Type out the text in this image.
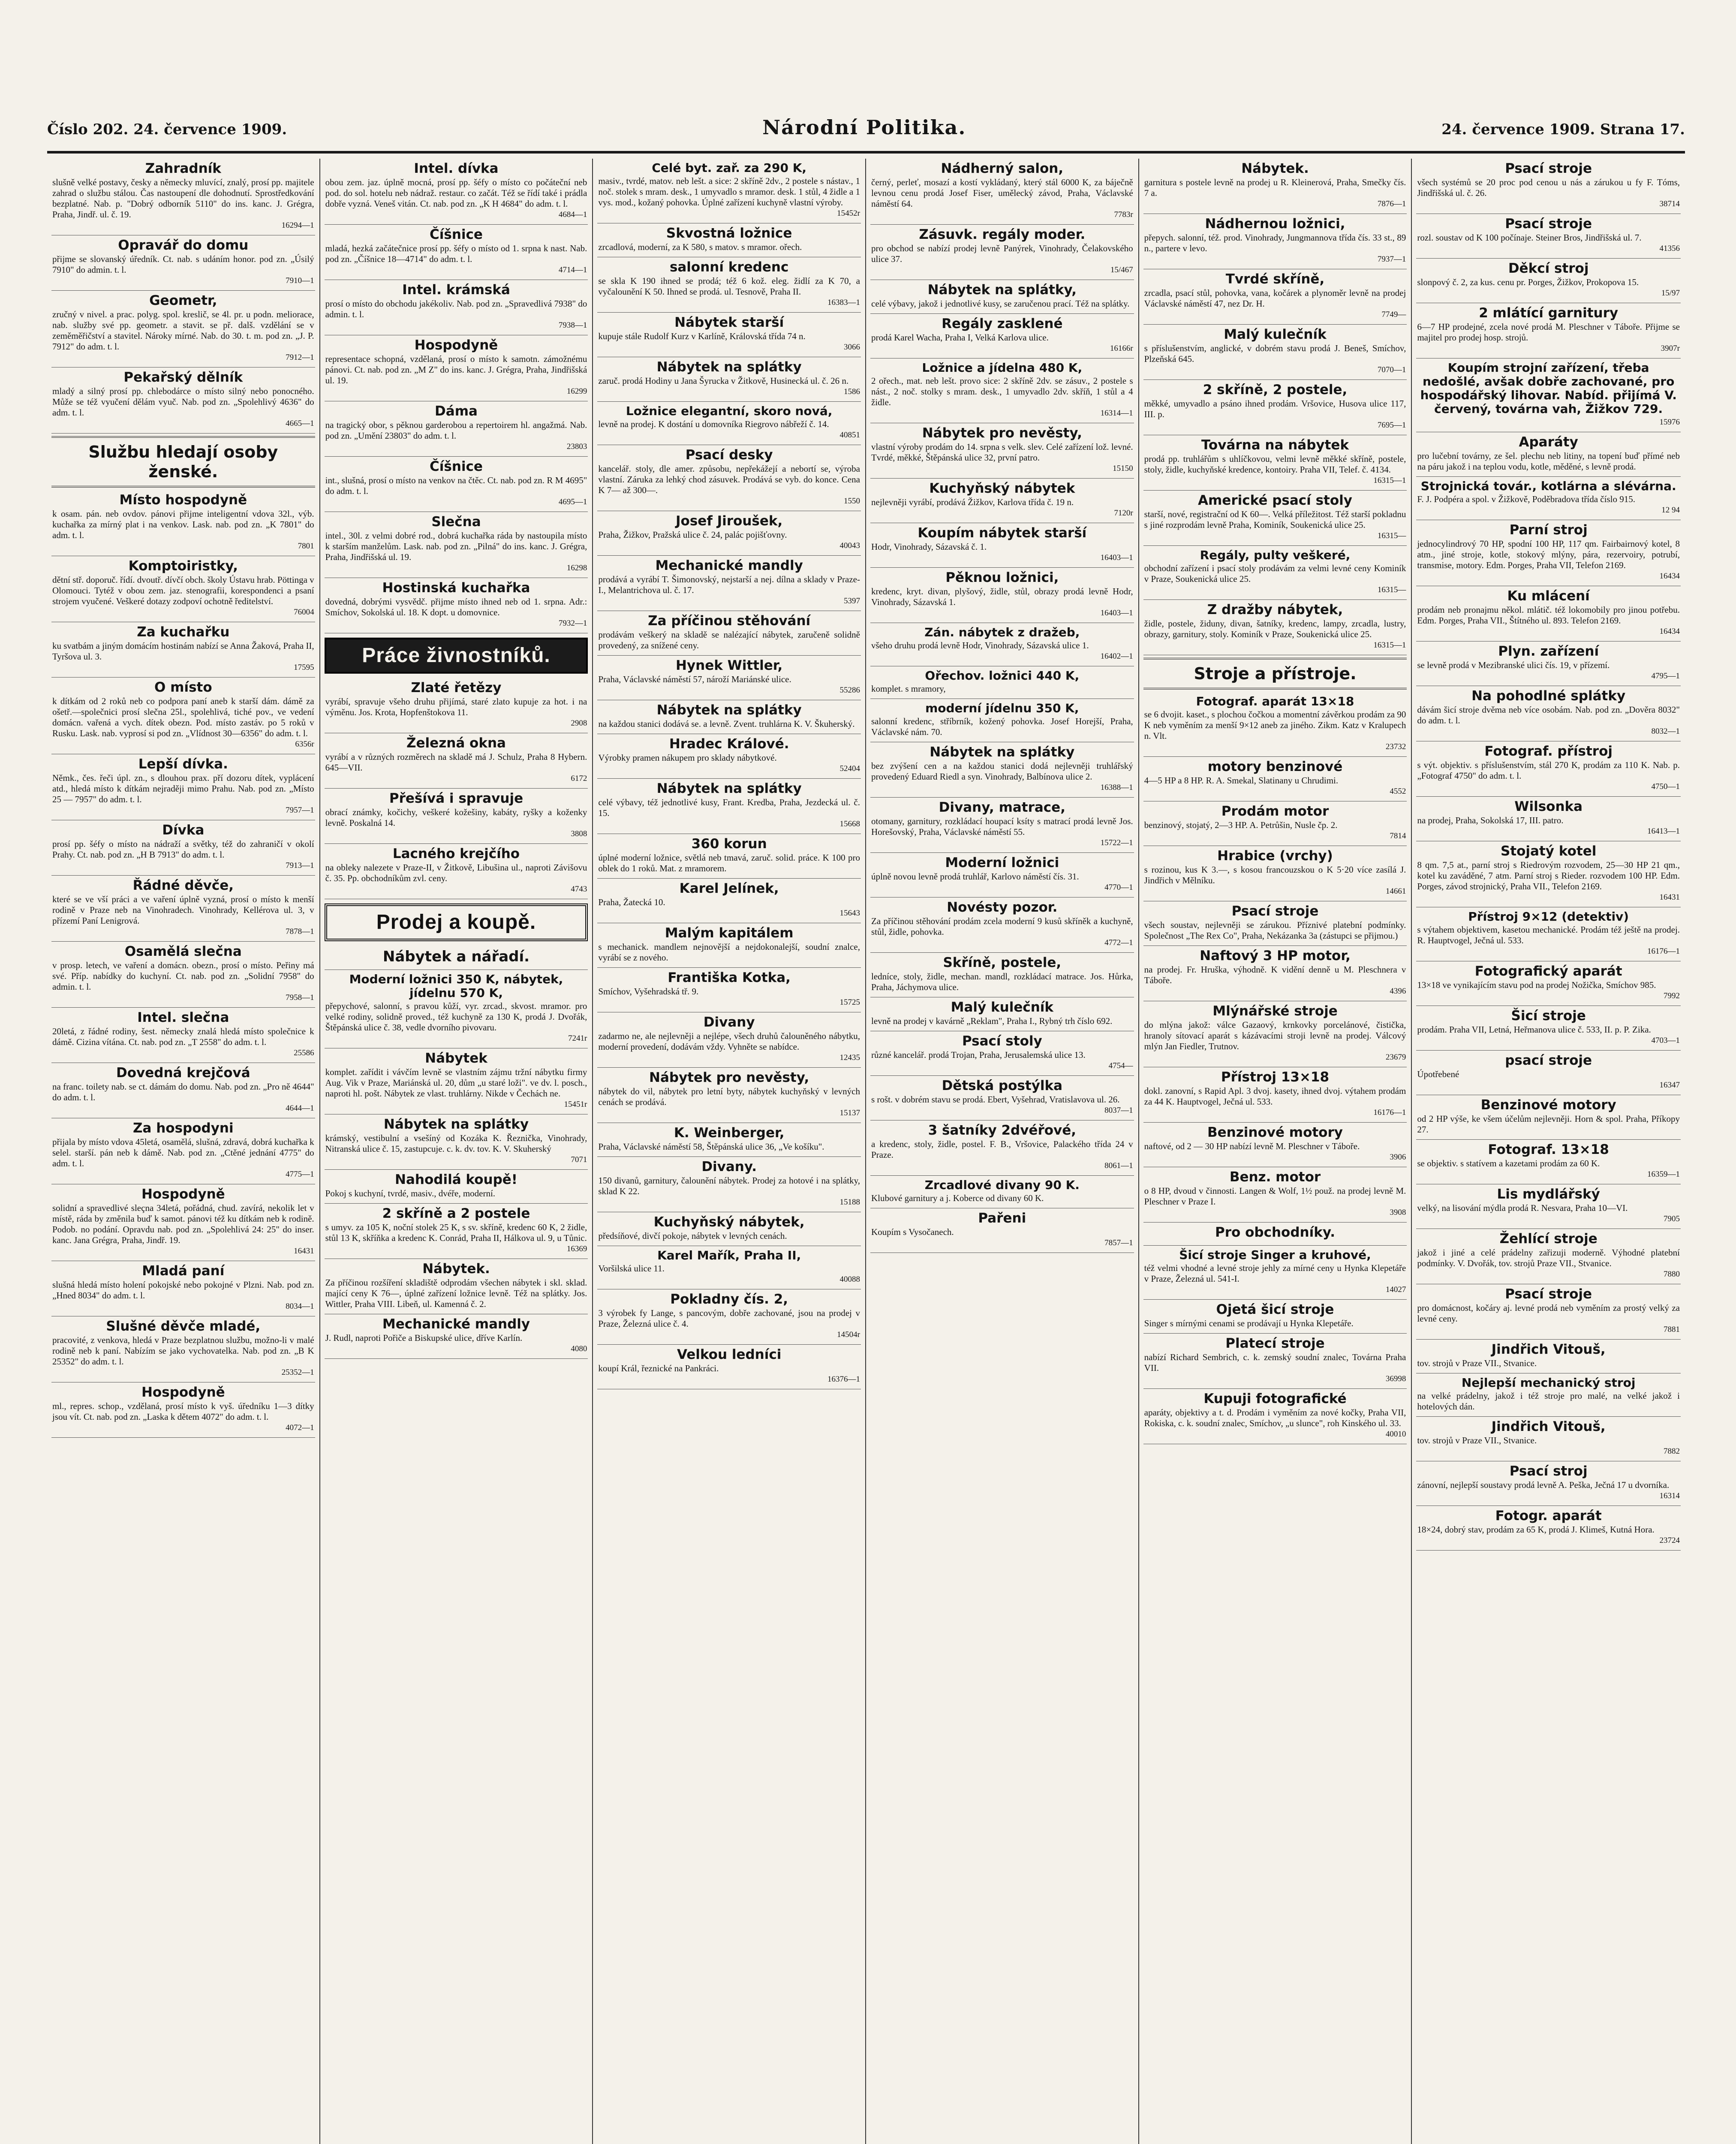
Číslo 202. 24. července 1909.	Národní Politika.	24. července 1909. Strana 17.
Zahradník
slušně velké postavy, česky a německy mluvící, znalý, prosí pp. majitele zahrad o službu stálou. Čas nastoupení dle dohodnutí. Sprostředkování bezplatné. Nab. p. "Dobrý odborník 5110" do ins. kanc. J. Grégra, Praha, Jindř. ul. č. 19.
16294—1
Opravář do domu
přijme se slovanský úředník. Ct. nab. s udáním honor. pod zn. „Úsilý 7910" do admin. t. l.
7910—1
Geometr,
zručný v nivel. a prac. polyg. spol. kreslič, se 4l. pr. u podn. meliorace, nab. služby své pp. geometr. a stavit. se př. dalš. vzdělání se v zeměměřičství a stavitel. Nároky mírné. Nab. do 30. t. m. pod zn. „J. P. 7912" do adm. t. l.
7912—1
Pekařský dělník
mladý a silný prosí pp. chlebodárce o místo silný nebo ponocného. Může se též vyučení dělám vyuč. Nab. pod zn. „Spolehlivý 4636" do adm. t. l.
4665—1
Službu hledají osoby ženské.
Místo hospodyně
k osam. pán. neb ovdov. pánovi přijme inteligentní vdova 32l., výb. kuchařka za mírný plat i na venkov. Lask. nab. pod zn. „K 7801" do adm. t. l.
7801
Komptoiristky,
dětní stř. doporuč. řídí. dvoutř. dívčí obch. školy Ústavu hrab. Pöttinga v Olomouci. Tytéž v obou zem. jaz. stenografii, korespondenci a psaní strojem vyučené. Veškeré dotazy zodpoví ochotně ředitelství.
76004
Za kuchařku
ku svatbám a jiným domácím hostinám nabízí se Anna Žaková, Praha II, Tyršova ul. 3.
17595
O místo
k dítkám od 2 roků neb co podpora paní aneb k starší dám. dámě za ošetř.—společnici prosí slečna 25l., spolehlivá, tiché pov., ve vedení domácn. vařená a vych. dítek obezn. Pod. místo zastáv. po 5 roků v Rusku. Lask. nab. vyprosí si pod zn. „Vlídnost 30—6356" do adm. t. l.
6356r
Lepší dívka.
Němk., čes. řeči úpl. zn., s dlouhou prax. pří dozoru dítek, vyplácení atd., hledá místo k dítkám nejraději mimo Prahu. Nab. pod zn. „Místo 25 — 7957" do adm. t. l.
7957—1
Dívka
prosí pp. šéfy o místo na nádraží a světky, též do zahraničí v okolí Prahy. Ct. nab. pod zn. „H B 7913" do adm. t. l.
7913—1
Řádné děvče,
které se ve vší práci a ve vaření úplně vyzná, prosí o místo k menší rodině v Praze neb na Vinohradech. Vinohrady, Kellérova ul. 3, v přízemí Paní Lenigrová.
7878—1
Osamělá slečna
v prosp. letech, ve vaření a domácn. obezn., prosí o místo. Peřiny má své. Příp. nabídky do kuchyní. Ct. nab. pod zn. „Solidní 7958" do admin. t. l.
7958—1
Intel. slečna
20letá, z řádné rodiny, šest. německy znalá hledá místo společnice k dámě. Cizina vítána. Ct. nab. pod zn. „T 2558" do adm. t. l.
25586
Dovedná krejčová
na franc. toilety nab. se ct. dámám do domu. Nab. pod zn. „Pro ně 4644" do adm. t. l.
4644—1
Za hospodyni
přijala by místo vdova 45letá, osamělá, slušná, zdravá, dobrá kuchařka k selel. starší. pán neb k dámě. Nab. pod zn. „Ctěné jednání 4775" do adm. t. l.
4775—1
Hospodyně
solidní a spravedlivé sleçna 34letá, pořádná, chud. zavírá, nekolik let v místě, ráda by změnila buď k samot. pánovi též ku dítkám neb k rodině. Podob. no podání. Opravdu nab. pod zn. „Spolehlivá 24: 25" do inser. kanc. Jana Grégra, Praha, Jindř. 19.
16431
Mladá paní
slušná hledá místo holení pokojské nebo pokojné v Plzni. Nab. pod zn. „Hned 8034" do adm. t. l.
8034—1
Slušné děvče mladé,
pracovité, z venkova, hledá v Praze bezplatnou službu, možno-li v malé rodině neb k paní. Nabízím se jako vychovatelka. Nab. pod zn. „B K 25352" do adm. t. l.
25352—1
Hospodyně
ml., repres. schop., vzdělaná, prosí místo k vyš. úředníku 1—3 dítky jsou vít. Ct. nab. pod zn. „Laska k dětem 4072" do adm. t. l.
4072—1
Intel. dívka
obou zem. jaz. úplně mocná, prosí pp. šéfy o místo co počáteční neb pod. do sol. hotelu neb nádraž. restaur. co začát. Též se řídí také i prádla dobře vyzná. Veneš vitán. Ct. nab. pod zn. „K H 4684" do adm. t. l.
4684—1
Číšnice
mladá, hezká začátečnice prosí pp. šéfy o místo od 1. srpna k nast. Nab. pod zn. „Číšnice 18—4714" do adm. t. l.
4714—1
Intel. krámská
prosí o místo do obchodu jakékoliv. Nab. pod zn. „Spravedlivá 7938" do admin. t. l.
7938—1
Hospodyně
representace schopná, vzdělaná, prosí o místo k samotn. zámožnému pánovi. Ct. nab. pod zn. „M Z" do ins. kanc. J. Grégra, Praha, Jindřišská ul. 19.
16299
Dáma
na tragický obor, s pěknou garderobou a repertoirem hl. angažmá. Nab. pod zn. „Umění 23803" do adm. t. l.
23803
Číšnice
int., slušná, prosí o místo na venkov na čtěc. Ct. nab. pod zn. R M 4695" do adm. t. l.
4695—1
Slečna
intel., 30l. z velmi dobré rod., dobrá kuchařka ráda by nastoupila místo k starším manželům. Lask. nab. pod zn. „Pilná" do ins. kanc. J. Grégra, Praha, Jindřišská ul. 19.
16298
Hostinská kuchařka
dovedná, dobrými vysvědč. přijme místo ihned neb od 1. srpna. Adr.: Smíchov, Sokolská ul. 18. K dopt. u domovnice.
7932—1
Práce živnostníků.
Zlaté řetězy
vyrábí, spravuje všeho druhu přijímá, staré zlato kupuje za hot. i na výměnu. Jos. Krota, Hopfenštokova 11.
2908
Železná okna
vyrábí a v různých rozměrech na skladě má J. Schulz, Praha 8 Hybern. 645—VII.
6172
Přešívá i spravuje
obrací známky, kočichy, veškeré kožešiny, kabáty, ryšky a koženky levně. Poskalná 14.
3808
Lacného krejčího
na obleky nalezete v Praze-II, v Žitkově, Libušina ul., naproti Závišovu č. 35. Pp. obchodníkům zvl. ceny.
4743
Prodej a koupě.
Nábytek a nářadí.
Moderní ložnici 350 K, nábytek, jídelnu 570 K,
přepychové, salonní, s pravou kůží, vyr. zrcad., skvost. mramor. pro velké rodiny, solidně proved., též kuchyně za 130 K, prodá J. Dvořák, Štěpánská ulice č. 38, vedle dvorního pivovaru.
7241r
Nábytek
komplet. zařídit i vávčím levně se vlastním zájmu tržní nábytku firmy Aug. Vik v Praze, Mariánská ul. 20, dům „u staré loži". ve dv. l. posch., naproti hl. pošt. Nábytek ze vlast. truhlárny. Nikde v Čechách ne.
15451r
Nábytek na splátky
krámský, vestibulní a vsešíný od Kozáka K. Řeznička, Vinohrady, Nitranská ulice č. 15, zastupcuje. c. k. dv. tov. K. V. Skuherský
7071
Nahodilá koupě!
Pokoj s kuchyní, tvrdé, masiv., dvéře, moderní.
2 skříně a 2 postele
s umyv. za 105 K, noční stolek 25 K, s sv. skříně, kredenc 60 K, 2 židle, stůl 13 K, skříňka a kredenc K. Conrád, Praha II, Hálkova ul. 9, u Tůnic.
16369
Nábytek.
Za příčinou rozšíření skladiště odprodám všechen nábytek i skl. sklad. mající ceny K 76—, úplné zařízení ložnice levně. Též na splátky. Jos. Wittler, Praha VIII. Libeň, ul. Kamenná č. 2.
Mechanické mandly
J. Rudl, naproti Pořiče a Biskupské ulice, dříve Karlín.
4080
Celé byt. zař. za 290 K,
masiv., tvrdé, matov. neb lešt. a sice: 2 skříně 2dv., 2 postele s nástav., 1 noč. stolek s mram. desk., 1 umyvadlo s mramor. desk. 1 stůl, 4 židle a 1 vys. mod., kožaný pohovka. Úplné zařízení kuchyně vlastní výroby.
15452r
Skvostná ložnice
zrcadlová, moderní, za K 580, s matov. s mramor. ořech.
salonní kredenc
se skla K 190 ihned se prodá; též 6 kož. eleg. židlí za K 70, a vyčalounění K 50. Ihned se prodá. ul. Tesnově, Praha II.
16383—1
Nábytek starší
kupuje stále Rudolf Kurz v Karlíně, Královská třída 74 n.
3066
Nábytek na splátky
zaruč. prodá Hodiny u Jana Šyrucka v Žitkově, Husinecká ul. č. 26 n.
1586
Ložnice elegantní, skoro nová,
levně na prodej. K dostání u domovníka Riegrovo nábřeží č. 14.
40851
Psací desky
kancelář. stoly, dle amer. způsobu, nepřekážejí a nebortí se, výroba vlastní. Záruka za lehký chod zásuvek. Prodává se vyb. do konce. Cena K 7— až 300—.
1550
Josef Jiroušek,
Praha, Žižkov, Pražská ulice č. 24, palác pojišťovny.
40043
Mechanické mandly
prodává a vyrábí T. Šimonovský, nejstarší a nej. dílna a sklady v Praze-I., Melantrichova ul. č. 17.
5397
Za příčinou stěhování
prodávám veškerý na skladě se nalézající nábytek, zaručeně solidně provedený, za snížené ceny.
Hynek Wittler,
Praha, Václavské náměstí 57, nároží Mariánské ulice.
55286
Nábytek na splátky
na každou stanici dodává se. a levně. Zvent. truhlárna K. V. Škuherský.
Hradec Králové.
Výrobky pramen nákupem pro sklady nábytkové.
52404
Nábytek na splátky
celé výbavy, též jednotlivé kusy, Frant. Kredba, Praha, Jezdecká ul. č. 15.
15668
360 korun
úplné moderní ložnice, světlá neb tmavá, zaruč. solid. práce. K 100 pro oblek do 1 roků. Mat. z mramorem.
Karel Jelínek,
Praha, Žatecká 10.
15643
Malým kapitálem
s mechanick. mandlem nejnovější a nejdokonalejší, soudní znalce, vyrábí se z nového.
Františka Kotka,
Smíchov, Vyšehradská tř. 9.
15725
Divany
zadarmo ne, ale nejlevněji a nejlépe, všech druhů čalouněného nábytku, moderní provedení, dodávám vždy. Vyhněte se nabídce.
12435
Nábytek pro nevěsty,
nábytek do vil, nábytek pro letní byty, nábytek kuchyňský v levných cenách se prodává.
15137
K. Weinberger,
Praha, Václavské náměstí 58, Štěpánská ulice 36, „Ve košíku".
Divany.
150 divanů, garnitury, čalounění nábytek. Prodej za hotové i na splátky, sklad K 22.
15188
Kuchyňský nábytek,
předsíňové, divčí pokoje, nábytek v levných cenách.
Karel Mařík, Praha II,
Voršilská ulice 11.
40088
Pokladny čís. 2,
3 výrobek fy Lange, s pancovým, dobře zachované, jsou na prodej v Praze, Železná ulice č. 4.
14504r
Velkou ledníci
koupí Král, řeznické na Pankráci.
16376—1
Nádherný salon,
černý, perleť, mosazí a kostí vykládaný, který stál 6000 K, za báječně levnou cenu prodá Josef Fiser, umělecký závod, Praha, Václavské náměstí 64.
7783r
Zásuvk. regály moder.
pro obchod se nabízí prodej levně Panýrek, Vinohrady, Čelakovského ulice 37.
15/467
Nábytek na splátky,
celé výbavy, jakož i jednotlivé kusy, se zaručenou prací. Též na splátky.
Regály zasklené
prodá Karel Wacha, Praha I, Velká Karlova ulice.
16166r
Ložnice a jídelna 480 K,
2 ořech., mat. neb lešt. provo sice: 2 skříně 2dv. se zásuv., 2 postele s nást., 2 noč. stolky s mram. desk., 1 umyvadlo 2dv. skříň, 1 stůl a 4 židle.
16314—1
Nábytek pro nevěsty,
vlastní výroby prodám do 14. srpna s velk. slev. Celé zařízení lož. levné. Tvrdé, měkké, Štěpánská ulice 32, první patro.
15150
Kuchyňský nábytek
nejlevněji vyrábí, prodává Žižkov, Karlova třída č. 19 n.
7120r
Koupím nábytek starší
Hodr, Vinohrady, Sázavská č. 1.
16403—1
Pěknou ložnici,
kredenc, kryt. divan, plyšový, židle, stůl, obrazy prodá levně Hodr, Vinohrady, Sázavská 1.
16403—1
Zán. nábytek z dražeb,
všeho druhu prodá levně Hodr, Vinohrady, Sázavská ulice 1.
16402—1
Ořechov. ložnici 440 K,
komplet. s mramory,
moderní jídelnu 350 K,
salonní kredenc, stříbrník, kožený pohovka. Josef Horejší, Praha, Václavské nám. 70.
Nábytek na splátky
bez zvýšení cen a na každou stanici dodá nejlevněji truhlářský provedený Eduard Riedl a syn. Vinohrady, Balbínova ulice 2.
16388—1
Divany, matrace,
otomany, garnitury, rozkládací houpací ksíty s matrací prodá levně Jos. Horešovský, Praha, Václavské náměstí 55.
15722—1
Moderní ložnici
úplně novou levně prodá truhlář, Karlovo náměstí čís. 31.
4770—1
Novésty pozor.
Za příčinou stěhování prodám zcela moderní 9 kusů skříněk a kuchyně, stůl, židle, pohovka.
4772—1
Skříně, postele,
ledníce, stoly, židle, mechan. mandl, rozkládací matrace. Jos. Hůrka, Praha, Jáchymova ulice.
Malý kulečník
levně na prodej v kavárně „Reklam", Praha I., Rybný trh číslo 692.
Psací stoly
různé kancelář. prodá Trojan, Praha, Jerusalemská ulice 13.
4754—
Dětská postýlka
s rošt. v dobrém stavu se prodá. Ebert, Vyšehrad, Vratislavova ul. 26.
8037—1
3 šatníky 2dvéřové,
a kredenc, stoly, židle, postel. F. B., Vršovice, Palackého třída 24 v Praze.
8061—1
Zrcadlové divany 90 K.
Klubové garnitury a j. Koberce od divany 60 K.
Pařeni
Koupím s Vysočanech.
7857—1
Nábytek.
garnitura s postele levně na prodej u R. Kleinerová, Praha, Smečky čís. 7 a.
7876—1
Nádhernou ložnici,
přepych. salonní, též. prod. Vinohrady, Jungmannova třída čís. 33 st., 89 n., partere v levo.
7937—1
Tvrdé skříně,
zrcadla, psací stůl, pohovka, vana, kočárek a plynoměr levně na prodej Václavské náměstí 47, nez Dr. H.
7749—
Malý kulečník
s příslušenstvím, anglické, v dobrém stavu prodá J. Beneš, Smíchov, Plzeňská 645.
7070—1
2 skříně, 2 postele,
měkké, umyvadlo a psáno ihned prodám. Vršovice, Husova ulice 117, III. p.
7695—1
Továrna na nábytek
prodá pp. truhlářům s uhlíčkovou, velmi levně měkké skříně, postele, stoly, židle, kuchyňské kredence, kontoiry. Praha VII, Telef. č. 4134.
16315—1
Americké psací stoly
starší, nové, registrační od K 60—. Velká příležitost. Též starší pokladnu s jiné rozprodám levně Praha, Kominík, Soukenická ulice 25.
16315—
Regály, pulty veškeré,
obchodní zařízení i psací stoly prodávám za velmi levné ceny Kominík v Praze, Soukenická ulice 25.
16315—
Z dražby nábytek,
židle, postele, židuny, divan, šatníky, kredenc, lampy, zrcadla, lustry, obrazy, garnitury, stoly. Kominík v Praze, Soukenická ulice 25.
16315—1
Stroje a přístroje.
Fotograf. aparát 13×18
se 6 dvojit. kaset., s plochou čočkou a momentní závěrkou prodám za 90 K neb vyměním za menší 9×12 aneb za jiného. Zikm. Katz v Kralupech n. Vlt.
23732
motory benzinové
4—5 HP a 8 HP. R. A. Smekal, Slatinany u Chrudimi.
4552
Prodám motor
benzinový, stojatý, 2—3 HP. A. Petrůšin, Nusle čp. 2.
7814
Hrabice (vrchy)
s rozinou, kus K 3.—, s kosou francouzskou o K 5·20 více zasílá J. Jindřich v Mělníku.
14661
Psací stroje
všech soustav, nejlevněji se zárukou. Příznivé platební podmínky. Společnost „The Rex Co", Praha, Nekázanka 3a (zástupci se přijmou.)
Naftový 3 HP motor,
na prodej. Fr. Hruška, výhodně. K vidění denně u M. Pleschnera v Táboře.
4396
Mlýnářské stroje
do mlýna jakož: válce Gazaový, krnkovky porcelánové, čistička, hranoly sítovací aparát s kázávacími stroji levně na prodej. Válcový mlýn Jan Fiedler, Trutnov.
23679
Přístroj 13×18
dokl. zanovní, s Rapid Apl. 3 dvoj. kasety, ihned dvoj. výtahem prodám za 44 K. Hauptvogel, Ječná ul. 533.
16176—1
Benzinové motory
naftové, od 2 — 30 HP nabízí levně M. Pleschner v Táboře.
3906
Benz. motor
o 8 HP, dvoud v činnosti. Langen & Wolf, 1½ použ. na prodej levně M. Pleschner v Praze I.
3908
Pro obchodníky.
Šicí stroje Singer a kruhové,
též velmi vhodné a levné stroje jehly za mírné ceny u Hynka Klepetáře v Praze, Železná ul. 541-I.
14027
Ojetá šicí stroje
Singer s mírnými cenami se prodávají u Hynka Klepetáře.
Platecí stroje
nabízí Richard Sembrich, c. k. zemský soudní znalec, Továrna Praha VII.
36998
Kupuji fotografické
aparáty, objektivy a t. d. Prodám i vyměním za nové kočky, Praha VII, Rokiska, c. k. soudní znalec, Smíchov, „u slunce", roh Kinského ul. 33.
40010
Psací stroje
všech systémů se 20 proc pod cenou u nás a zárukou u fy F. Tóms, Jindřišská ul. č. 26.
38714
Psací stroje
rozl. soustav od K 100 počínaje. Steiner Bros, Jindřišská ul. 7.
41356
Děkcí stroj
slonpový č. 2, za kus. cenu pr. Porges, Žižkov, Prokopova 15.
15/97
2 mlátící garnitury
6—7 HP prodejné, zcela nové prodá M. Pleschner v Táboře. Přijme se majitel pro prodej hosp. strojů.
3907r
Koupím strojní zařízení, třeba nedošlé, avšak dobře zachované, pro hospodářský lihovar. Nabíd. přijímá V. červený, továrna vah, Žižkov 729.
15976
Aparáty
pro lučební továrny, ze šel. plechu neb litiny, na topení buď přímé neb na páru jakož i na teplou vodu, kotle, měděné, s levně prodá.
Strojnická továr., kotlárna a slévárna.
F. J. Podpéra a spol. v Žižkově, Poděbradova třída číslo 915.
12 94
Parní stroj
jednocylindrový 70 HP, spodní 100 HP, 117 qm. Fairbairnový kotel, 8 atm., jiné stroje, kotle, stokový mlýny, pára, rezervoiry, potrubí, transmise, motory. Edm. Porges, Praha VII, Telefon 2169.
16434
Ku mlácení
prodám neb pronajmu někol. mlátič. též lokomobily pro jinou potřebu. Edm. Porges, Praha VII., Štítného ul. 893. Telefon 2169.
16434
Plyn. zařízení
se levně prodá v Mezibranské ulici čís. 19, v přízemí.
4795—1
Na pohodlné splátky
dávám šicí stroje dvěma neb více osobám. Nab. pod zn. „Dověra 8032" do adm. t. l.
8032—1
Fotograf. přístroj
s výt. objektiv. s příslušenstvím, stál 270 K, prodám za 110 K. Nab. p. „Fotograf 4750" do adm. t. l.
4750—1
Wilsonka
na prodej, Praha, Sokolská 17, III. patro.
16413—1
Stojatý kotel
8 qm. 7,5 at., parní stroj s Riedrovým rozvodem, 25—30 HP 21 qm., kotel ku zaváděné, 7 atm. Parní stroj s Rieder. rozvodem 100 HP. Edm. Porges, závod strojnický, Praha VII., Telefon 2169.
16431
Přístroj 9×12 (detektiv)
s výtahem objektivem, kasetou mechanické. Prodám též ještě na prodej. R. Hauptvogel, Ječná ul. 533.
16176—1
Fotografický aparát
13×18 ve vynikajícím stavu pod na prodej Nožička, Smíchov 985.
7992
Šicí stroje
prodám. Praha VII, Letná, Heřmanova ulice č. 533, II. p. P. Zika.
4703—1
psací stroje
Úpotřebené
16347
Benzinové motory
od 2 HP výše, ke všem účelům nejlevněji. Horn & spol. Praha, Příkopy 27.
Fotograf. 13×18
se objektiv. s statívem a kazetami prodám za 60 K.
16359—1
Lis mydlářský
velký, na lisování mýdla prodá R. Nesvara, Praha 10—VI.
7905
Žehlící stroje
jakož i jiné a celé prádelny zařizuji moderně. Výhodné platební podmínky. V. Dvořák, tov. strojů Praze VII., Stvanice.
7880
Psací stroje
pro domácnost, kočáry aj. levné prodá neb vyměním za prostý velký za levné ceny.
7881
Jindřich Vitouš,
tov. strojů v Praze VII., Stvanice.
Nejlepší mechanický stroj
na velké prádelny, jakož i též stroje pro malé, na velké jakož i hotelových dán.
Jindřich Vitouš,
tov. strojů v Praze VII., Stvanice.
7882
Psací stroj
zánovní, nejlepší soustavy prodá levně A. Peška, Ječná 17 u dvorníka.
16314
Fotogr. aparát
18×24, dobrý stav, prodám za 65 K, prodá J. Klimeš, Kutná Hora.
23724
